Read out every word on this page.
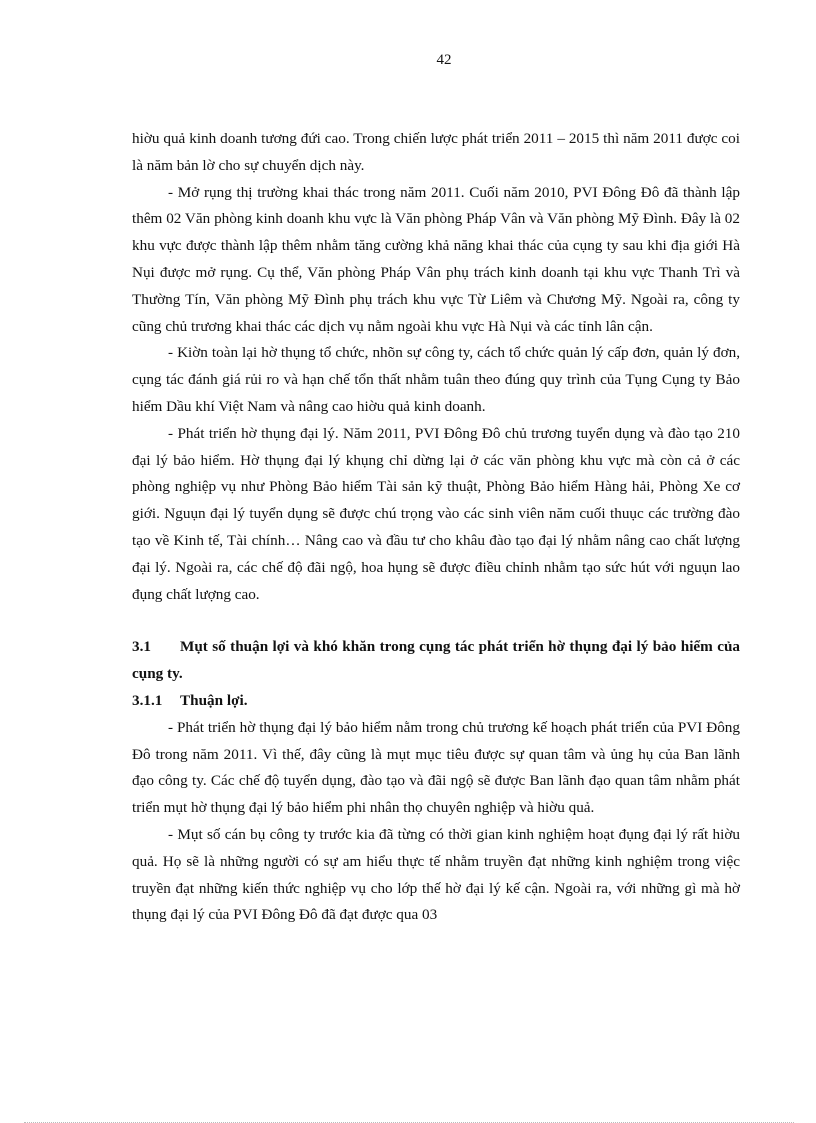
42

hiờu quả kinh doanh tương đứi cao. Trong chiến lược phát triển 2011 – 2015 thì năm 2011 được coi là năm bản lờ cho sự chuyển dịch này.

- Mở rụng thị trường khai thác trong năm 2011. Cuối năm 2010, PVI Đông Đô đã thành lập thêm 02 Văn phòng kinh doanh khu vực là Văn phòng Pháp Vân và Văn phòng Mỹ Đình. Đây là 02 khu vực được thành lập thêm nhằm tăng cường khả năng khai thác của cụng ty sau khi địa giới Hà Nụi được mở rụng. Cụ thể, Văn phòng Pháp Vân phụ trách kinh doanh tại khu vực Thanh Trì và Thường Tín, Văn phòng Mỹ Đình phụ trách khu vực Từ Liêm và Chương Mỹ. Ngoài ra, công ty cũng chủ trương khai thác các dịch vụ nằm ngoài khu vực Hà Nụi và các tỉnh lân cận.

- Kiờn toàn lại hờ thụng tổ chức, nhõn sự công ty, cách tổ chức quản lý cấp đơn, quản lý đơn, cụng tác đánh giá rủi ro và hạn chế tổn thất nhằm tuân theo đúng quy trình của Tụng Cụng ty Bảo hiểm Dầu khí Việt Nam và nâng cao hiờu quả kinh doanh.

- Phát triển hờ thụng đại lý. Năm 2011, PVI Đông Đô chủ trương tuyển dụng và đào tạo 210 đại lý bảo hiểm. Hờ thụng đại lý khụng chỉ dừng lại ở các văn phòng khu vực mà còn cả ở các phòng nghiệp vụ như Phòng Bảo hiểm Tài sản kỹ thuật, Phòng Bảo hiểm Hàng hải, Phòng Xe cơ giới. Nguụn đại lý tuyển dụng sẽ được chú trọng vào các sinh viên năm cuối thuục các trường đào tạo về Kinh tế, Tài chính… Nâng cao và đầu tư cho khâu đào tạo đại lý nhằm nâng cao chất lượng đại lý. Ngoài ra, các chế độ đãi ngộ, hoa hụng sẽ được điều chỉnh nhằm tạo sức hút với nguụn lao đụng chất lượng cao.

3.1 Mụt số thuận lợi và khó khăn trong cụng tác phát triển hờ thụng đại lý bảo hiểm của cụng ty.

3.1.1 Thuận lợi.

- Phát triển hờ thụng đại lý bảo hiểm nằm trong chủ trương kế hoạch phát triển của PVI Đông Đô trong năm 2011. Vì thế, đây cũng là mụt mục tiêu được sự quan tâm và ủng hụ của Ban lãnh đạo công ty. Các chế độ tuyển dụng, đào tạo và đãi ngộ sẽ được Ban lãnh đạo quan tâm nhằm phát triển mụt hờ thụng đại lý bảo hiểm phi nhân thọ chuyên nghiệp và hiờu quả.

- Mụt số cán bụ công ty trước kia đã từng có thời gian kinh nghiệm hoạt đụng đại lý rất hiờu quả. Họ sẽ là những người có sự am hiểu thực tế nhằm truyền đạt những kinh nghiệm trong việc truyền đạt những kiến thức nghiệp vụ cho lớp thế hờ đại lý kế cận. Ngoài ra, với những gì mà hờ thụng đại lý của PVI Đông Đô đã đạt được qua 03
